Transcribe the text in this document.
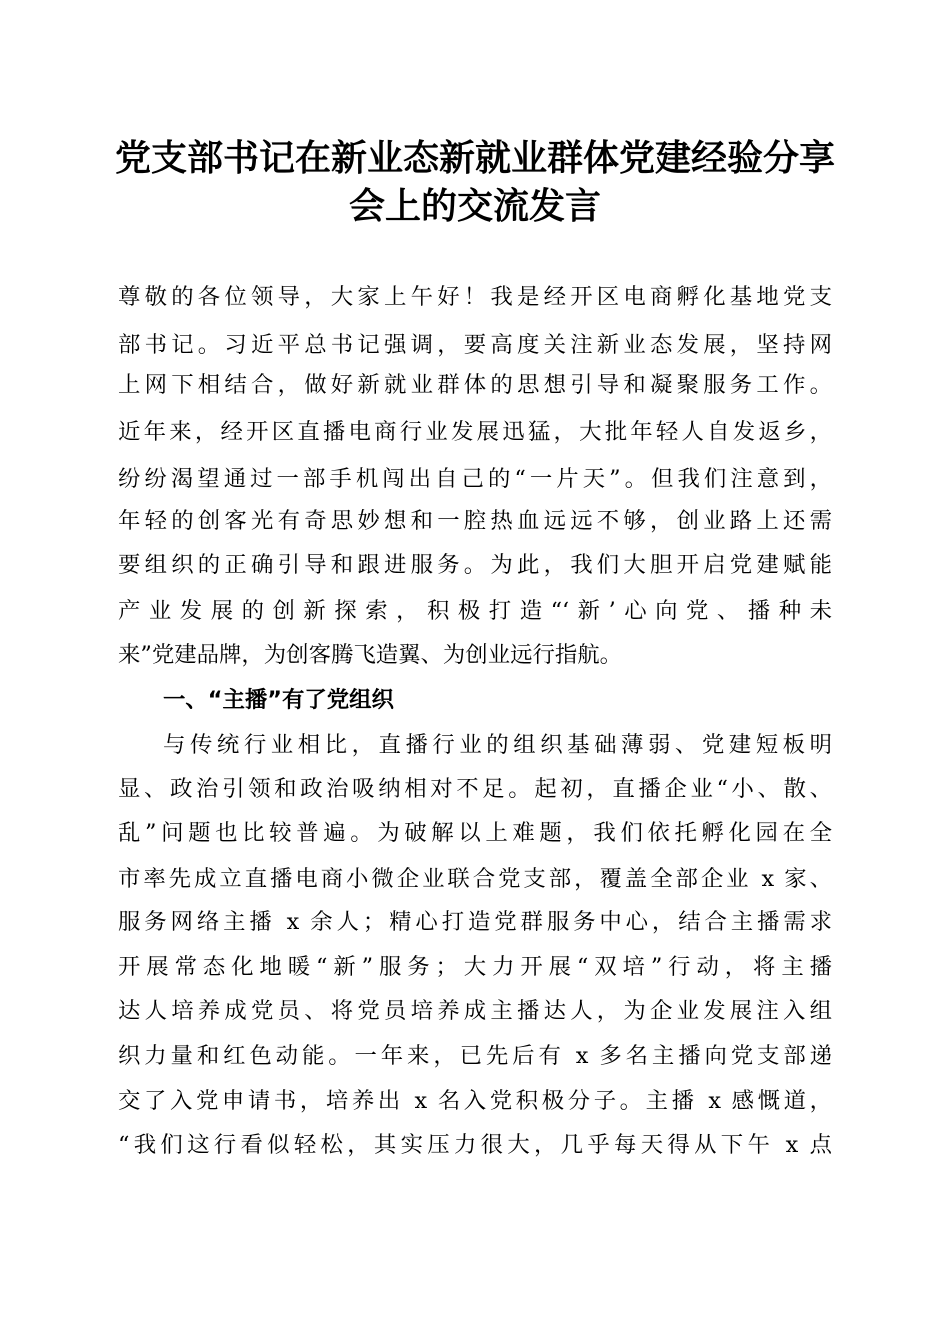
党支部书记在新业态新就业群体党建经验分享
会上的交流发言
尊敬的各位领导，大家上午好！我是经开区电商孵化基地党支
部书记。习近平总书记强调，要高度关注新业态发展，坚持网
上网下相结合，做好新就业群体的思想引导和凝聚服务工作。
近年来，经开区直播电商行业发展迅猛，大批年轻人自发返乡，
纷纷渴望通过一部手机闯出自己的“一片天”。但我们注意到，
年轻的创客光有奇思妙想和一腔热血远远不够，创业路上还需
要组织的正确引导和跟进服务。为此，我们大胆开启党建赋能
产业发展的创新探索，积极打造“‘新’心向党、播种未
来”党建品牌，为创客腾飞造翼、为创业远行指航。
一、“主播”有了党组织
与传统行业相比，直播行业的组织基础薄弱、党建短板明
显、政治引领和政治吸纳相对不足。起初，直播企业“小、散、
乱”问题也比较普遍。为破解以上难题，我们依托孵化园在全
市率先成立直播电商小微企业联合党支部，覆盖全部企业 x 家、
服务网络主播 x 余人；精心打造党群服务中心，结合主播需求
开展常态化地暖“新”服务；大力开展“双培”行动，将主播
达人培养成党员、将党员培养成主播达人，为企业发展注入组
织力量和红色动能。一年来，已先后有 x 多名主播向党支部递
交了入党申请书，培养出 x 名入党积极分子。主播 x 感慨道，
“我们这行看似轻松，其实压力很大，几乎每天得从下午 x 点
